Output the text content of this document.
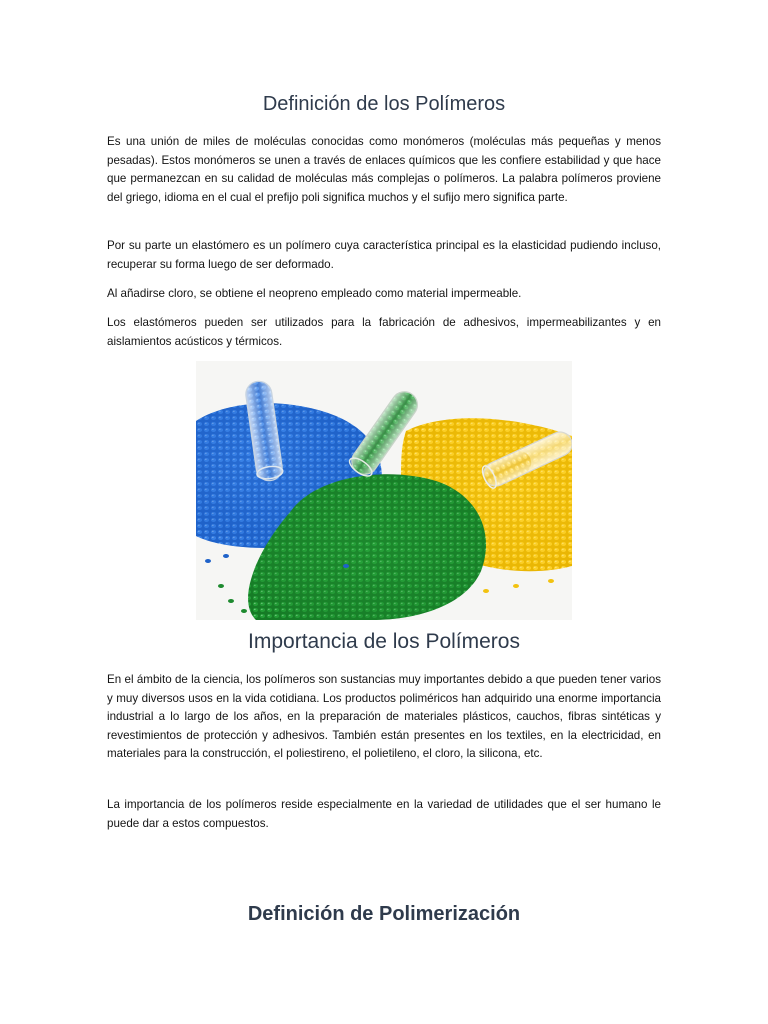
Definición de los Polímeros

Es una unión de miles de moléculas conocidas como monómeros (moléculas más pequeñas y menos pesadas). Estos monómeros se unen a través de enlaces químicos que les confiere estabilidad y que hace que permanezcan en su calidad de moléculas más complejas o polímeros. La palabra polímeros proviene del griego, idioma en el cual el prefijo poli significa muchos y el sufijo mero significa parte.

Por su parte un elastómero es un polímero cuya característica principal es la elasticidad pudiendo incluso, recuperar su forma luego de ser deformado.

Al añadirse cloro, se obtiene el neopreno empleado como material impermeable.

Los elastómeros pueden ser utilizados para la fabricación de adhesivos, impermeabilizantes y en aislamientos acústicos y térmicos.

Importancia de los Polímeros

En el ámbito de la ciencia, los polímeros son sustancias muy importantes debido a que pueden tener varios y muy diversos usos en la vida cotidiana. Los productos poliméricos han adquirido una enorme importancia industrial a lo largo de los años, en la preparación de materiales plásticos, cauchos, fibras sintéticas y revestimientos de protección y adhesivos. También están presentes en los textiles, en la electricidad, en materiales para la construcción, el poliestireno, el polietileno, el cloro, la silicona, etc.

La importancia de los polímeros reside especialmente en la variedad de utilidades que el ser humano le puede dar a estos compuestos.

Definición de Polimerización
